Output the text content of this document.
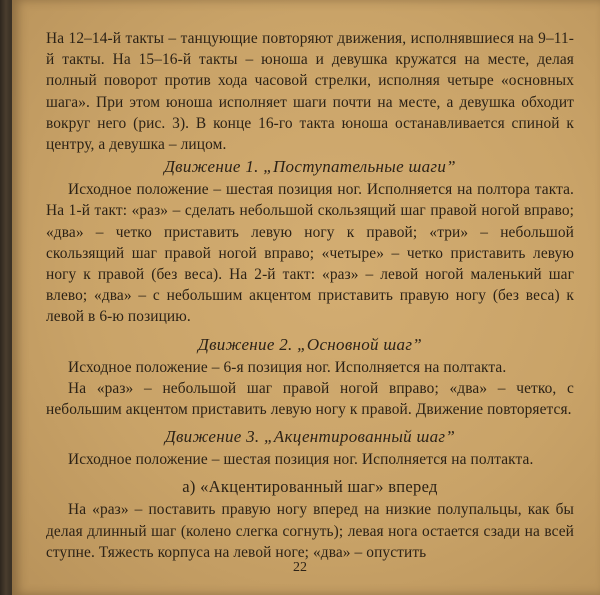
На 12–14-й такты – танцующие повторяют движения, исполнявшиеся на 9–11-й такты. На 15–16-й такты – юноша и девушка кружатся на месте, делая полный поворот против хода часовой стрелки, исполняя четыре «основных шага». При этом юноша исполняет шаги почти на месте, а девушка обходит вокруг него (рис. 3). В конце 16-го такта юноша останавливается спиной к центру, а девушка – лицом.

Движение 1. „Поступательные шаги”

Исходное положение – шестая позиция ног. Исполняется на полтора такта. На 1-й такт: «раз» – сделать небольшой скользящий шаг правой ногой вправо; «два» – четко приставить левую ногу к правой; «три» – небольшой скользящий шаг правой ногой вправо; «четыре» – четко приставить левую ногу к правой (без веса). На 2-й такт: «раз» – левой ногой маленький шаг влево; «два» – с небольшим акцентом приставить правую ногу (без веса) к левой в 6-ю позицию.

Движение 2. „Основной шаг”

Исходное положение – 6-я позиция ног. Исполняется на полтакта.

На «раз» – небольшой шаг правой ногой вправо; «два» – четко, с небольшим акцентом приставить левую ногу к правой. Движение повторяется.

Движение 3. „Акцентированный шаг”

Исходное положение – шестая позиция ног. Исполняется на полтакта.

а) «Акцентированный шаг» вперед

На «раз» – поставить правую ногу вперед на низкие полупальцы, как бы делая длинный шаг (колено слегка согнуть); левая нога остается сзади на всей ступне. Тяжесть корпуса на левой ноге; «два» – опустить

22
